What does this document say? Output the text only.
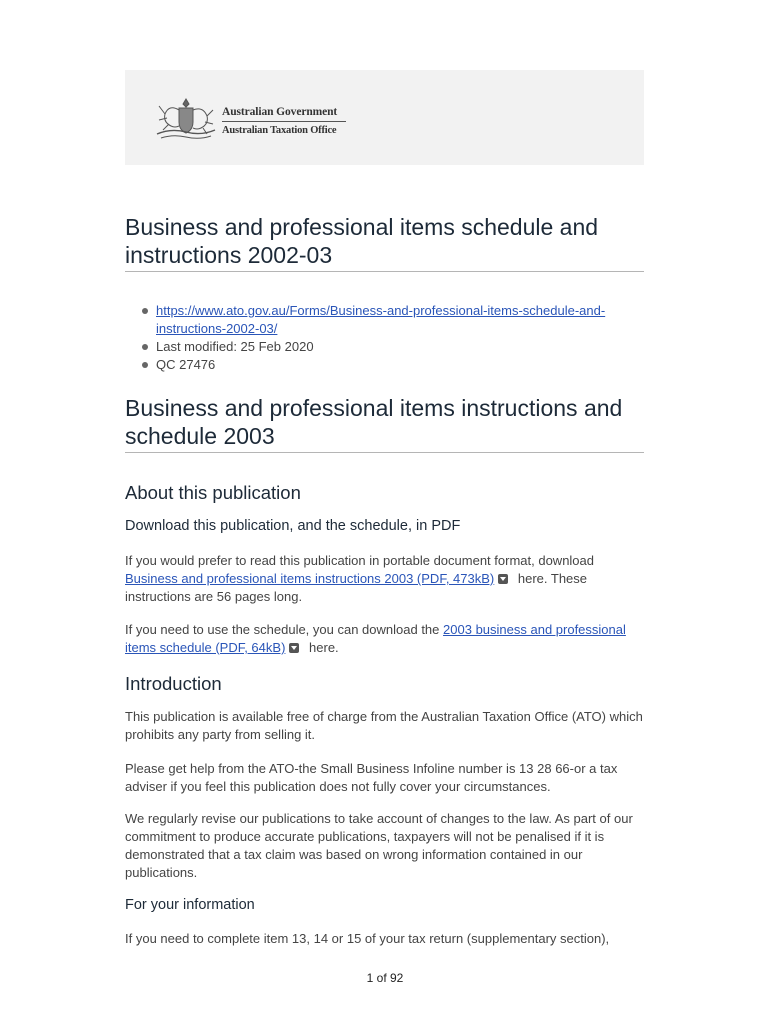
Australian Government
Australian Taxation Office
Business and professional items schedule and instructions 2002-03
https://www.ato.gov.au/Forms/Business-and-professional-items-schedule-and-instructions-2002-03/
Last modified: 25 Feb 2020
QC 27476
Business and professional items instructions and schedule 2003
About this publication
Download this publication, and the schedule, in PDF

If you would prefer to read this publication in portable document format, download
Business and professional items instructions 2003 (PDF, 473kB) here. These instructions are 56 pages long.

If you need to use the schedule, you can download the 2003 business and professional items schedule (PDF, 64kB) here.

Introduction

This publication is available free of charge from the Australian Taxation Office (ATO) which prohibits any party from selling it.

Please get help from the ATO-the Small Business Infoline number is 13 28 66-or a tax adviser if you feel this publication does not fully cover your circumstances.

We regularly revise our publications to take account of changes to the law. As part of our commitment to produce accurate publications, taxpayers will not be penalised if it is demonstrated that a tax claim was based on wrong information contained in our publications.

For your information

If you need to complete item 13, 14 or 15 of your tax return (supplementary section),

1 of 92
